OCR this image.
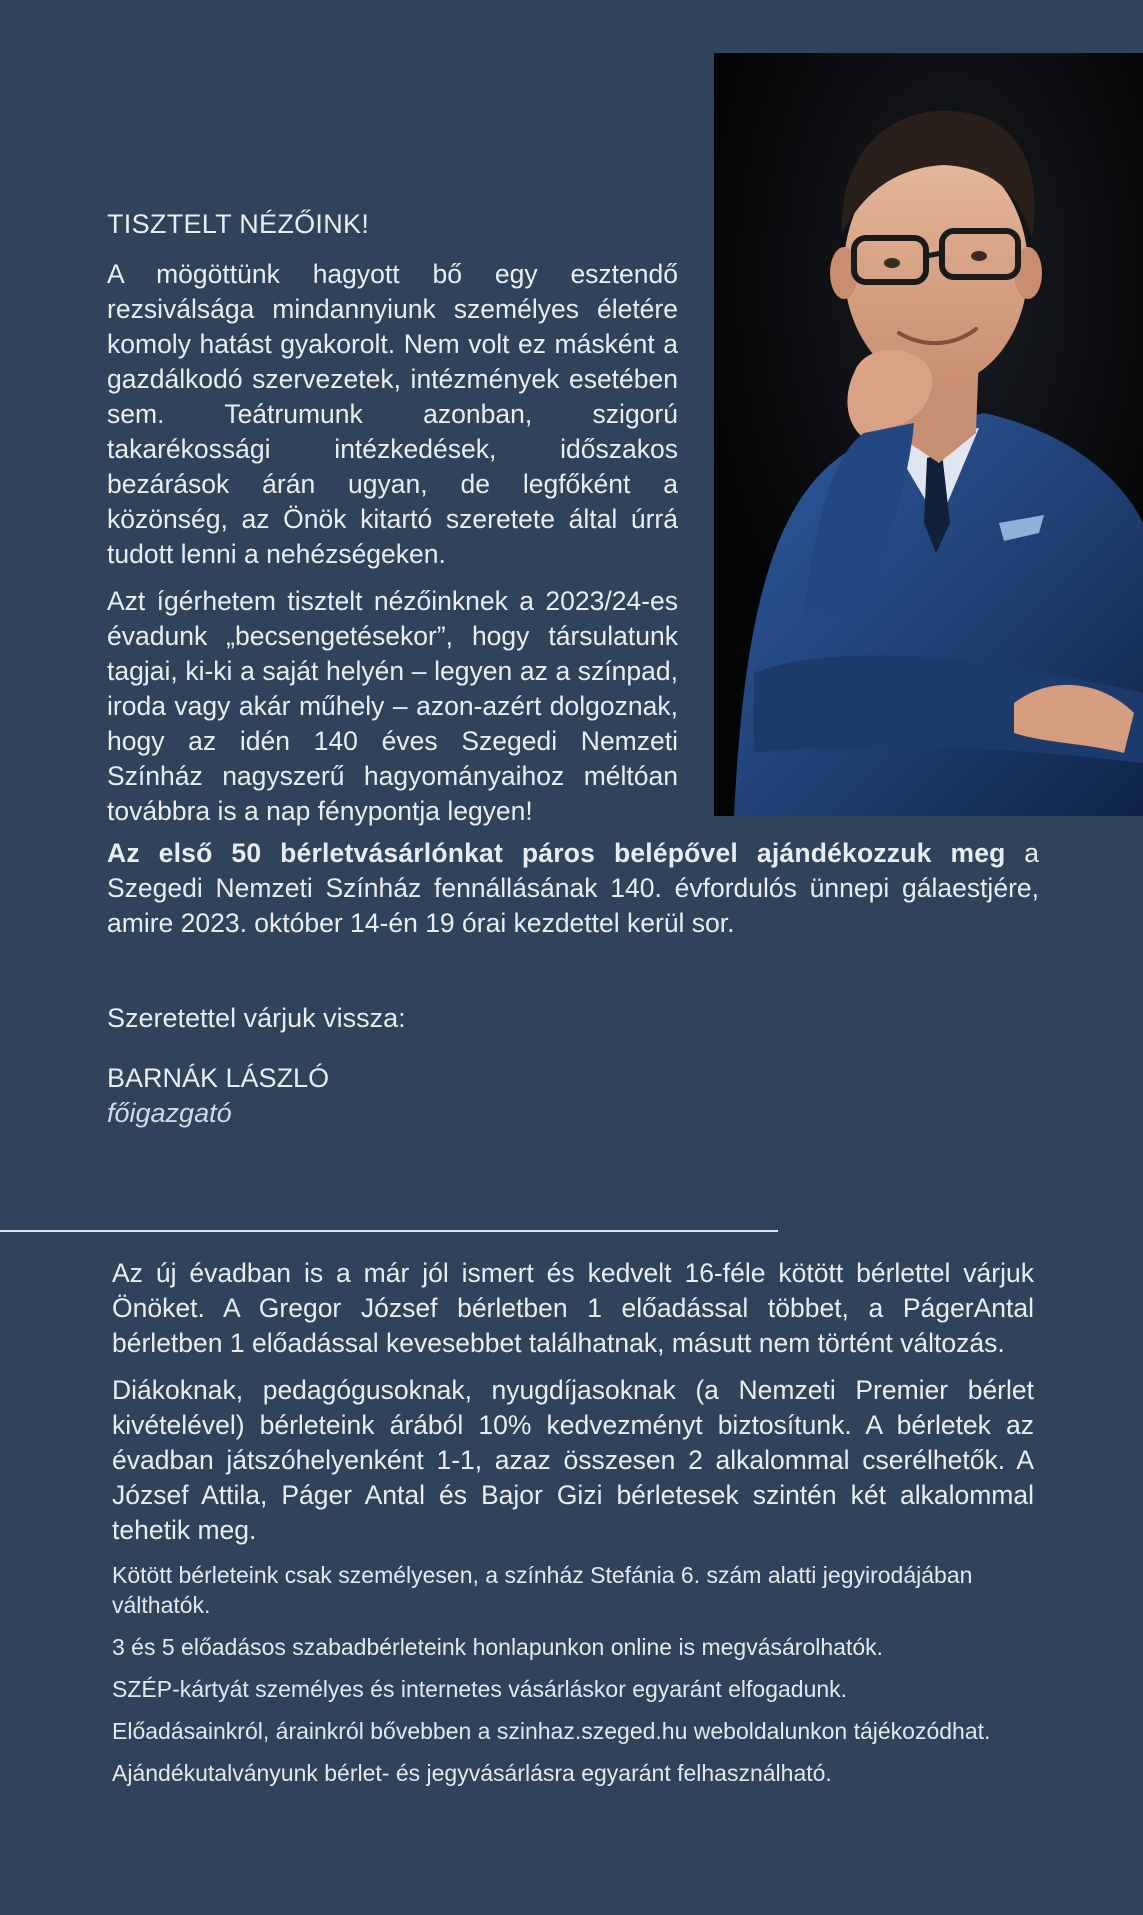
TISZTELT NÉZŐINK!

A mögöttünk hagyott bő egy esztendő rezsiválsága mindannyiunk személyes életére komoly hatást gyakorolt. Nem volt ez másként a gazdálkodó szervezetek, intézmények esetében sem. Teátrumunk azonban, szigorú takarékossági intézkedések, időszakos bezárások árán ugyan, de legfőként a közönség, az Önök kitartó szeretete által úrrá tudott lenni a nehézségeken.

Azt ígérhetem tisztelt nézőinknek a 2023/24-es évadunk „becsengetésekor”, hogy társulatunk tagjai, ki-ki a saját helyén – legyen az a színpad, iroda vagy akár műhely – azon-azért dolgoznak, hogy az idén 140 éves Szegedi Nemzeti Színház nagyszerű hagyományaihoz méltóan továbbra is a nap fénypontja legyen!

Az első 50 bérletvásárlónkat páros belépővel ajándékozzuk meg a Szegedi Nemzeti Színház fennállásának 140. évfordulós ünnepi gálaestjére, amire 2023. október 14-én 19 órai kezdettel kerül sor.

Szeretettel várjuk vissza:

BARNÁK LÁSZLÓ

főigazgató

Az új évadban is a már jól ismert és kedvelt 16-féle kötött bérlettel várjuk Önöket. A Gregor József bérletben 1 előadással többet, a PágerAntal bérletben 1 előadással kevesebbet találhatnak, másutt nem történt változás.

Diákoknak, pedagógusoknak, nyugdíjasoknak (a Nemzeti Premier bérlet kivételével) bérleteink árából 10% kedvezményt biztosítunk. A bérletek az évadban játszóhelyenként 1-1, azaz összesen 2 alkalommal cserélhetők. A József Attila, Páger Antal és Bajor Gizi bérletesek szintén két alkalommal tehetik meg.

Kötött bérleteink csak személyesen, a színház Stefánia 6. szám alatti jegyirodájában válthatók.

3 és 5 előadásos szabadbérleteink honlapunkon online is megvásárolhatók.

SZÉP-kártyát személyes és internetes vásárláskor egyaránt elfogadunk.

Előadásainkról, árainkról bővebben a szinhaz.szeged.hu weboldalunkon tájékozódhat.

Ajándékutalványunk bérlet- és jegyvásárlásra egyaránt felhasználható.
